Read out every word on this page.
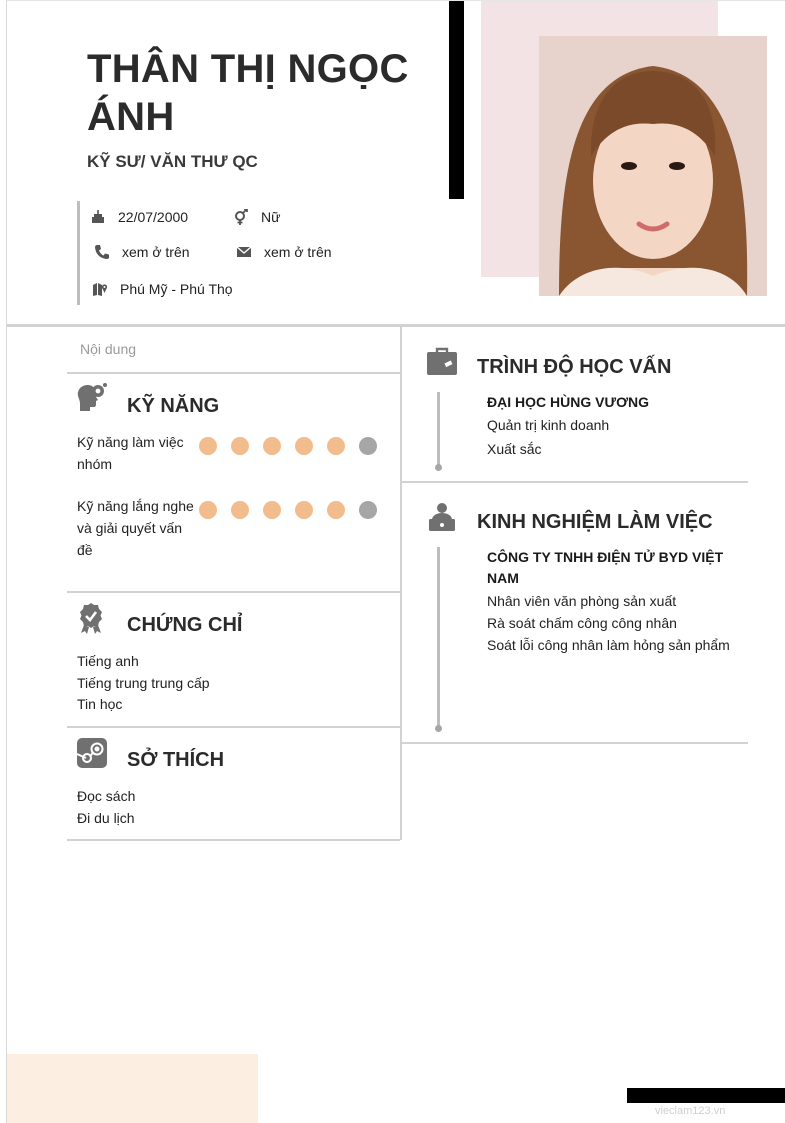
THÂN THỊ NGỌC ÁNH
KỸ SƯ/ VĂN THƯ QC
22/07/2000	Nữ
xem ở trên	xem ở trên
Phú Mỹ - Phú Thọ
Nội dung
KỸ NĂNG
Kỹ năng làm việc nhóm
Kỹ năng lắng nghe và giải quyết vấn đề
CHỨNG CHỈ
Tiếng anh
Tiếng trung trung cấp
Tin học
SỞ THÍCH
Đọc sách
Đi du lịch
TRÌNH ĐỘ HỌC VẤN
ĐẠI HỌC HÙNG VƯƠNG
Quản trị kinh doanh
Xuất sắc
KINH NGHIỆM LÀM VIỆC
CÔNG TY TNHH ĐIỆN TỬ BYD VIỆT NAM
Nhân viên văn phòng sản xuất
Rà soát chấm công công nhân
Soát lỗi công nhân làm hỏng sản phẩm
vieclam123.vn
